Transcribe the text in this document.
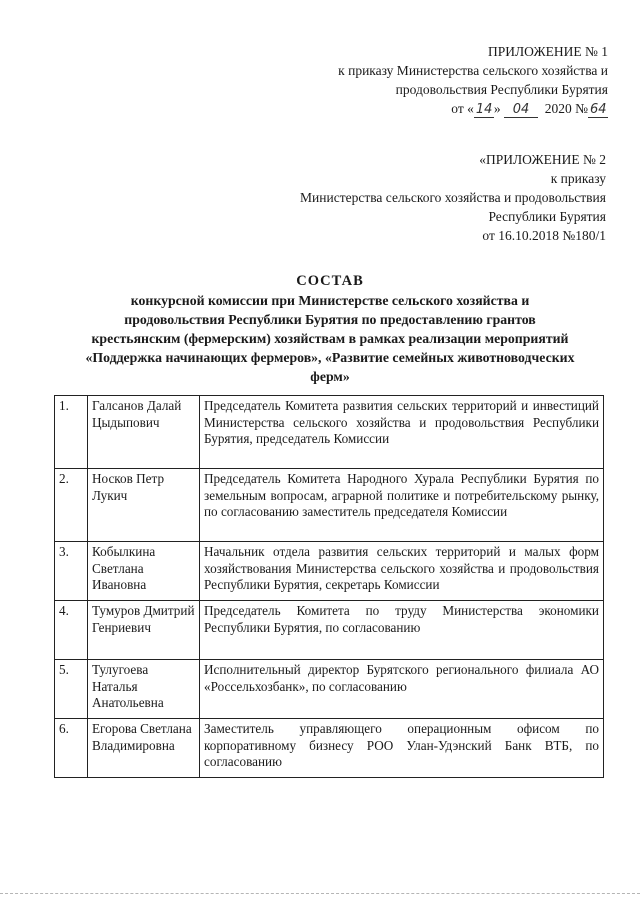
ПРИЛОЖЕНИЕ № 1
к приказу Министерства сельского хозяйства и
продовольствия Республики Бурятия
от « 14» 04 2020 № 64
«ПРИЛОЖЕНИЕ № 2
к приказу
Министерства сельского хозяйства и продовольствия
Республики Бурятия
от 16.10.2018 №180/1
СОСТАВ
конкурсной комиссии при Министерстве сельского хозяйства и
продовольствия Республики Бурятия по предоставлению грантов
крестьянским (фермерским) хозяйствам в рамках реализации мероприятий
«Поддержка начинающих фермеров», «Развитие семейных животноводческих
ферм»
1.	Галсанов Далай Цыдыпович	Председатель Комитета развития сельских территорий и инвестиций Министерства сельского хозяйства и продовольствия Республики Бурятия, председатель Комиссии
2.	Носков Петр Лукич	Председатель Комитета Народного Хурала Республики Бурятия по земельным вопросам, аграрной политике и потребительскому рынку, по согласованию заместитель председателя Комиссии
3.	Кобылкина Светлана Ивановна	Начальник отдела развития сельских территорий и малых форм хозяйствования Министерства сельского хозяйства и продовольствия Республики Бурятия, секретарь Комиссии
4.	Тумуров Дмитрий Генриевич	Председатель Комитета по труду Министерства экономики Республики Бурятия, по согласованию
5.	Тулугоева Наталья Анатольевна	Исполнительный директор Бурятского регионального филиала АО «Россельхозбанк», по согласованию
6.	Егорова Светлана Владимировна	Заместитель управляющего операционным офисом по корпоративному бизнесу РОО Улан-Удэнский Банк ВТБ, по согласованию
